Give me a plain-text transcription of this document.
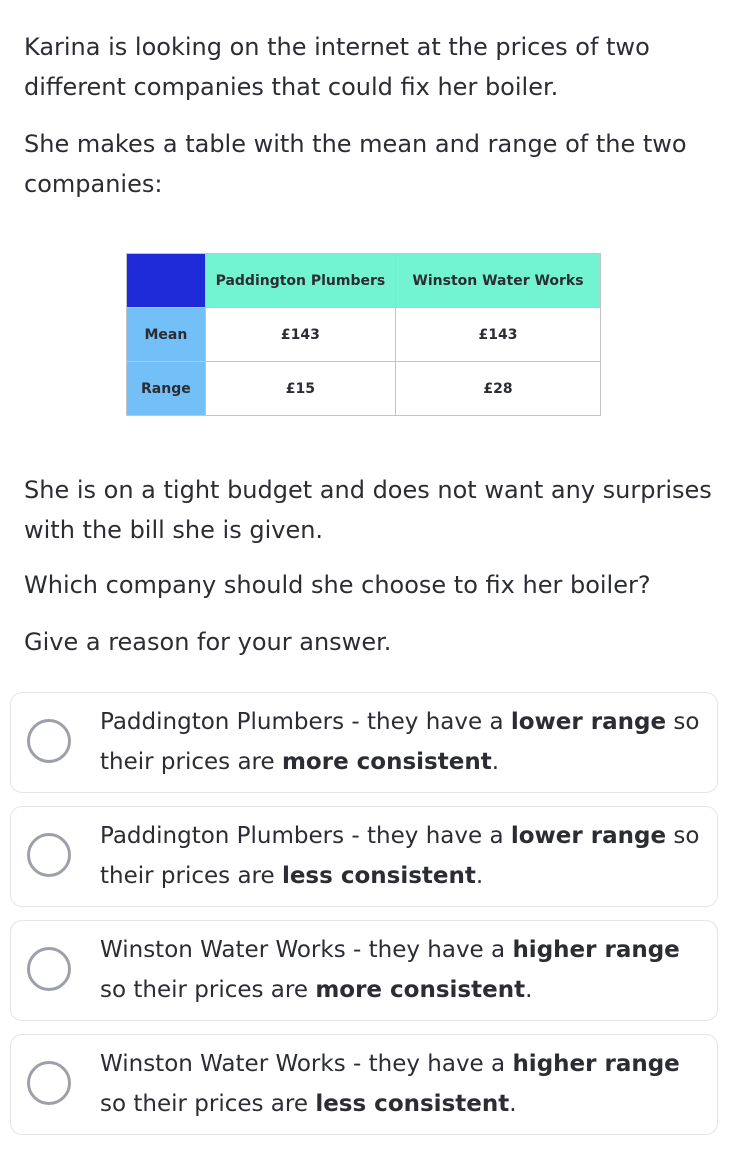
Karina is looking on the internet at the prices of two different companies that could fix her boiler.

She makes a table with the mean and range of the two companies:

	Paddington Plumbers	Winston Water Works
Mean	£143	£143
Range	£15	£28

She is on a tight budget and does not want any surprises with the bill she is given.

Which company should she choose to fix her boiler?

Give a reason for your answer.

Paddington Plumbers - they have a lower range so their prices are more consistent.
Paddington Plumbers - they have a lower range so their prices are less consistent.
Winston Water Works - they have a higher range so their prices are more consistent.
Winston Water Works - they have a higher range so their prices are less consistent.
